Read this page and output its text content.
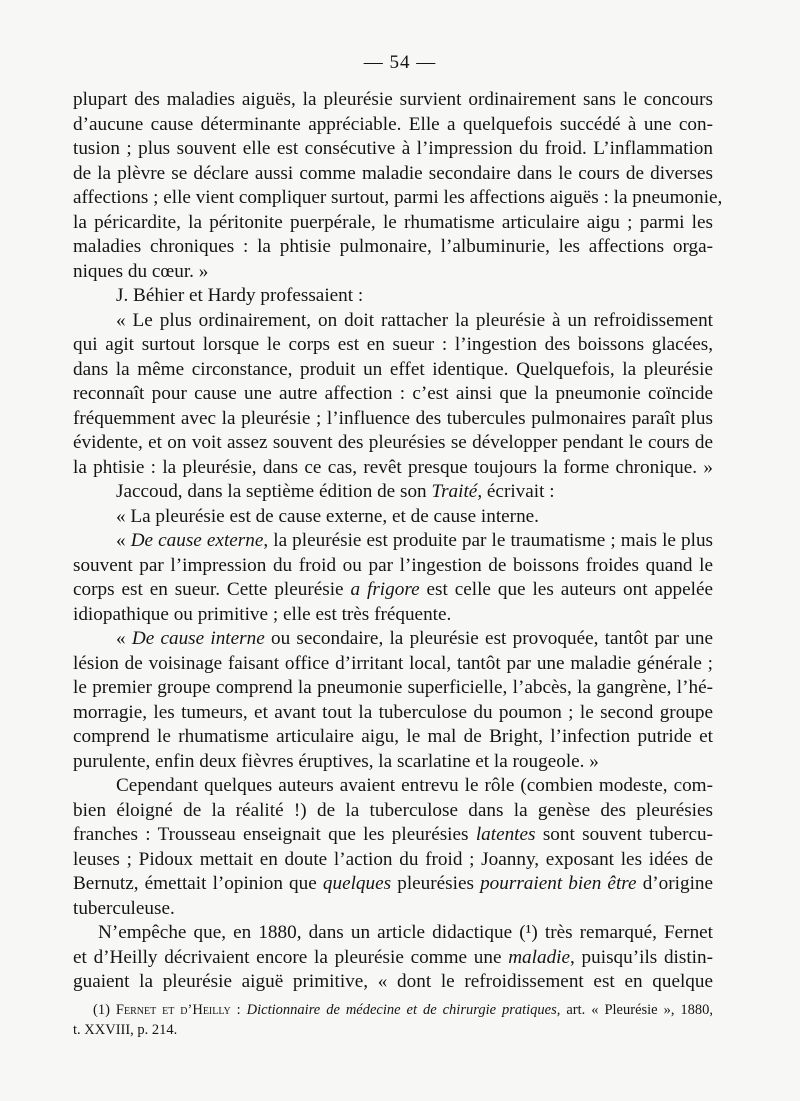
— 54 —
plupart des maladies aiguës, la pleurésie survient ordinairement sans le concours
d’aucune cause déterminante appréciable. Elle a quelquefois succédé à une con-
tusion ; plus souvent elle est consécutive à l’impression du froid. L’inflammation
de la plèvre se déclare aussi comme maladie secondaire dans le cours de diverses
affections ; elle vient compliquer surtout, parmi les affections aiguës : la pneumonie,
la péricardite, la péritonite puerpérale, le rhumatisme articulaire aigu ; parmi les
maladies chroniques : la phtisie pulmonaire, l’albuminurie, les affections orga-
niques du cœur. »
J. Béhier et Hardy professaient :
« Le plus ordinairement, on doit rattacher la pleurésie à un refroidissement
qui agit surtout lorsque le corps est en sueur : l’ingestion des boissons glacées,
dans la même circonstance, produit un effet identique. Quelquefois, la pleurésie
reconnaît pour cause une autre affection : c’est ainsi que la pneumonie coïncide
fréquemment avec la pleurésie ; l’influence des tubercules pulmonaires paraît plus
évidente, et on voit assez souvent des pleurésies se développer pendant le cours de
la phtisie : la pleurésie, dans ce cas, revêt presque toujours la forme chronique. »
Jaccoud, dans la septième édition de son Traité, écrivait :
« La pleurésie est de cause externe, et de cause interne.
« De cause externe, la pleurésie est produite par le traumatisme ; mais le plus
souvent par l’impression du froid ou par l’ingestion de boissons froides quand le
corps est en sueur. Cette pleurésie a frigore est celle que les auteurs ont appelée
idiopathique ou primitive ; elle est très fréquente.
« De cause interne ou secondaire, la pleurésie est provoquée, tantôt par une
lésion de voisinage faisant office d’irritant local, tantôt par une maladie générale ;
le premier groupe comprend la pneumonie superficielle, l’abcès, la gangrène, l’hé-
morragie, les tumeurs, et avant tout la tuberculose du poumon ; le second groupe
comprend le rhumatisme articulaire aigu, le mal de Bright, l’infection putride et
purulente, enfin deux fièvres éruptives, la scarlatine et la rougeole. »
Cependant quelques auteurs avaient entrevu le rôle (combien modeste, com-
bien éloigné de la réalité !) de la tuberculose dans la genèse des pleurésies
franches : Trousseau enseignait que les pleurésies latentes sont souvent tubercu-
leuses ; Pidoux mettait en doute l’action du froid ; Joanny, exposant les idées de
Bernutz, émettait l’opinion que quelques pleurésies pourraient bien être d’origine
tuberculeuse.
N’empêche que, en 1880, dans un article didactique (¹) très remarqué, Fernet
et d’Heilly décrivaient encore la pleurésie comme une maladie, puisqu’ils distin-
guaient la pleurésie aiguë primitive, « dont le refroidissement est en quelque
(1) Fernet et d’Heilly : Dictionnaire de médecine et de chirurgie pratiques, art. « Pleurésie », 1880,
t. XXVIII, p. 214.
